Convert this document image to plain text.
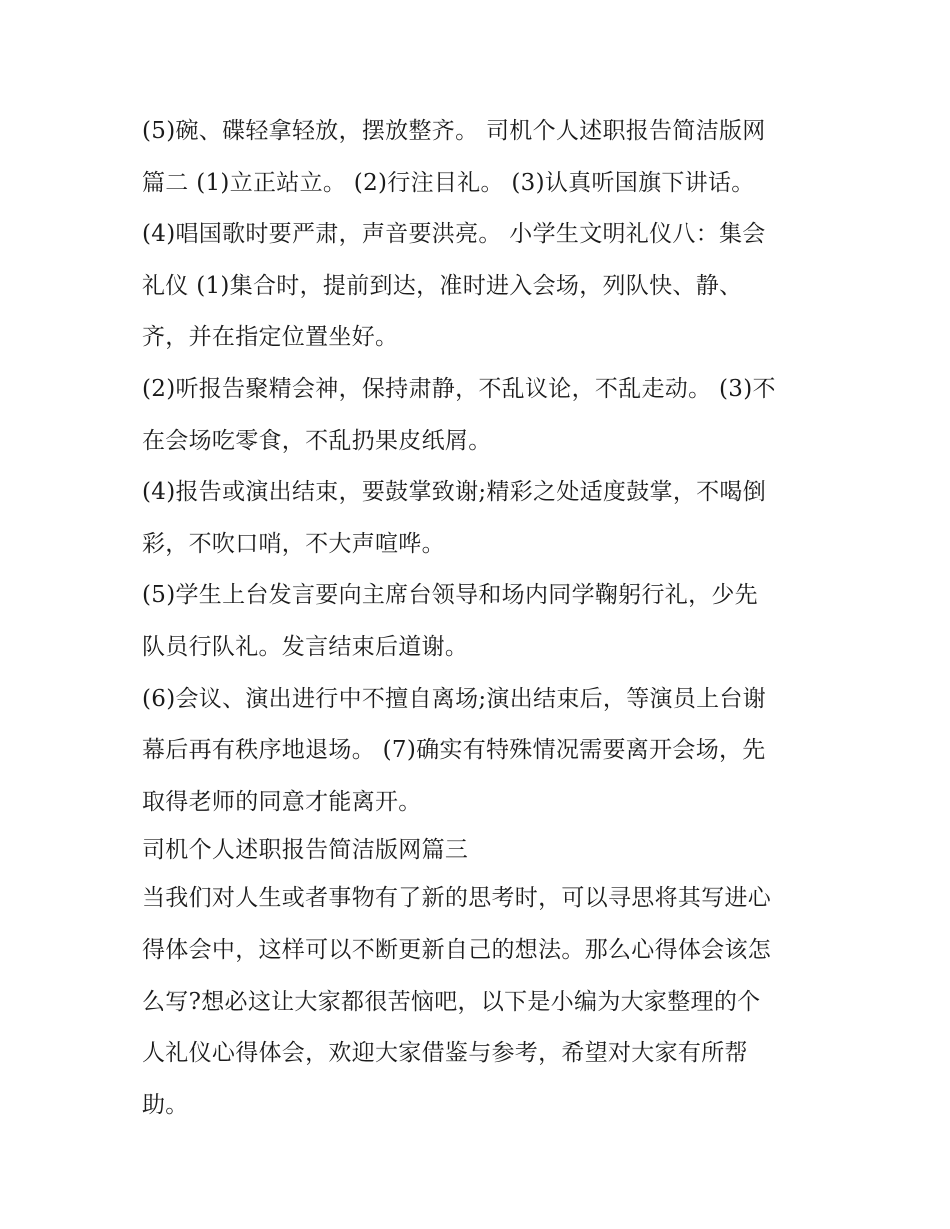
(5)碗、碟轻拿轻放，摆放整齐。 司机个人述职报告简洁版网
篇二 (1)立正站立。 (2)行注目礼。 (3)认真听国旗下讲话。
(4)唱国歌时要严肃，声音要洪亮。 小学生文明礼仪八：集会
礼仪 (1)集合时，提前到达，准时进入会场，列队快、静、
齐，并在指定位置坐好。
(2)听报告聚精会神，保持肃静，不乱议论，不乱走动。 (3)不
在会场吃零食，不乱扔果皮纸屑。
(4)报告或演出结束，要鼓掌致谢;精彩之处适度鼓掌，不喝倒
彩，不吹口哨，不大声喧哗。
(5)学生上台发言要向主席台领导和场内同学鞠躬行礼，少先
队员行队礼。发言结束后道谢。
(6)会议、演出进行中不擅自离场;演出结束后，等演员上台谢
幕后再有秩序地退场。 (7)确实有特殊情况需要离开会场，先
取得老师的同意才能离开。
司机个人述职报告简洁版网篇三
当我们对人生或者事物有了新的思考时，可以寻思将其写进心
得体会中，这样可以不断更新自己的想法。那么心得体会该怎
么写?想必这让大家都很苦恼吧，以下是小编为大家整理的个
人礼仪心得体会，欢迎大家借鉴与参考，希望对大家有所帮
助。
